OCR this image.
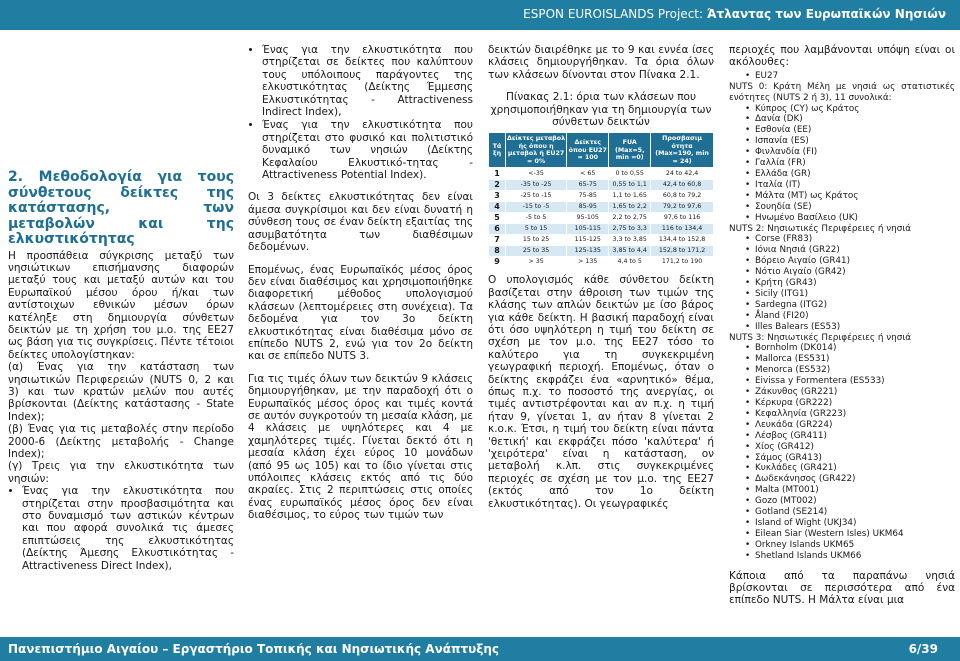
ESPON EUROISLANDS Project: Άτλαντας των Ευρωπαϊκών Νησιών
2. Μεθοδολογία για τους σύνθετους δείκτες της κατάστασης, των μεταβολών και της ελκυστικότητας

Η προσπάθεια σύγκρισης μεταξύ των νησιώτικων επισήμανσης διαφορών μεταξύ τους και μεταξύ αυτών και του Ευρωπαϊκού μέσου όρου ή/και των αντίστοιχων εθνικών μέσων όρων κατέληξε στη δημιουργία σύνθετων δεικτών με τη χρήση του μ.ο. της ΕΕ27 ως βάση για τις συγκρίσεις. Πέντε τέτοιοι δείκτες υπολογίστηκαν:

(α) Ένας για την κατάσταση των νησιωτικών Περιφερειών (NUTS 0, 2 και 3) και των κρατών μελών που αυτές βρίσκονται (Δείκτης κατάστασης - State Index);

(β) Ένας για τις μεταβολές στην περίοδο 2000-6 (Δείκτης μεταβολής - Change Index);

(γ) Τρεις για την ελκυστικότητα των νησιών:

• Ένας για την ελκυστικότητα που στηρίζεται στην προσβασιμότητα και στο δυναμισμό των αστικών κέντρων και που αφορά συνολικά τις άμεσες επιπτώσεις της ελκυστικότητας (Δείκτης Άμεσης Ελκυστικότητας - Attractiveness Direct Index),
• Ένας για την ελκυστικότητα που στηρίζεται σε δείκτες που καλύπτουν τους υπόλοιπους παράγοντες της ελκυστικότητας (Δείκτης Έμμεσης Ελκυστικότητας - Attractiveness Indirect Index),
• Ένας για την ελκυστικότητα που στηρίζεται στο φυσικό και πολιτιστικό δυναμικό των νησιών (Δείκτης Κεφαλαίου Ελκυστικό-τητας - Attractiveness Potential Index).

Οι 3 δείκτες ελκυστικότητας δεν είναι άμεσα συγκρίσιμοι και δεν είναι δυνατή η σύνθεση τους σε έναν δείκτη εξαιτίας της ασυμβατότητα των διαθέσιμων δεδομένων.

Επομένως, ένας Ευρωπαϊκός μέσος όρος δεν είναι διαθέσιμος και χρησιμοποιήθηκε διαφορετική μέθοδος υπολογισμού κλάσεων (λεπτομέρειες στη συνέχεια). Τα δεδομένα για τον 3ο δείκτη ελκυστικότητας είναι διαθέσιμα μόνο σε επίπεδο NUTS 2, ενώ για τον 2ο δείκτη και σε επίπεδο NUTS 3.

Για τις τιμές όλων των δεικτών 9 κλάσεις δημιουργήθηκαν, με την παραδοχή ότι ο Ευρωπαϊκός μέσος όρος και τιμές κοντά σε αυτόν συγκροτούν τη μεσαία κλάση, με 4 κλάσεις με υψηλότερες και 4 με χαμηλότερες τιμές. Γίνεται δεκτό ότι η μεσαία κλάση έχει εύρος 10 μονάδων (από 95 ως 105) και το ίδιο γίνεται στις υπόλοιπες κλάσεις εκτός από τις δύο ακραίες. Στις 2 περιπτώσεις στις οποίες ένας ευρωπαϊκός μέσος όρος δεν είναι διαθέσιμος, το εύρος των τιμών των

δεικτών διαιρέθηκε με το 9 και εννέα ίσες κλάσεις δημιουργήθηκαν. Τα όρια όλων των κλάσεων δίνονται στον Πίνακα 2.1.

Πίνακας 2.1: όρια των κλάσεων που χρησιμοποιήθηκαν για τη δημιουργία των σύνθετων δεικτών

Τά ξη	Δείκτες μεταβολ ής όπου η μεταβολ ή EU27 = 0%	Δείκτες όπου EU27 = 100	FUA (Max=5, min =0)	Προσβασιμ ότητα (Max=190, min = 24)
1	<-35	< 65	0 to 0,55	24 to 42,4
2	-35 to -25	65-75	0,55 to 1,1	42,4 to 60,8
3	-25 to -15	75-85	1,1 to 1,65	60,8 to 79,2
4	-15 to -5	85-95	1,65 to 2,2	79,2 to 97,6
5	-5 to 5	95-105	2,2 to 2,75	97,6 to 116
6	5 to 15	105-115	2,75 to 3,3	116 to 134,4
7	15 to 25	115-125	3,3 to 3,85	134,4 to 152,8
8	25 to 35	125-135	3,85 to 4,4	152,8 to 171,2
9	> 35	> 135	4,4 to 5	171,2 to 190

Ο υπολογισμός κάθε σύνθετου δείκτη βασίζεται στην άθροιση των τιμών της κλάσης των απλών δεικτών με ίσο βάρος για κάθε δείκτη. Η βασική παραδοχή είναι ότι όσο υψηλότερη η τιμή του δείκτη σε σχέση με τον μ.ο. της ΕΕ27 τόσο το καλύτερο για τη συγκεκριμένη γεωγραφική περιοχή. Επομένως, όταν ο δείκτης εκφράζει ένα «αρνητικό» θέμα, όπως π.χ. το ποσοστό της ανεργίας, οι τιμές αντιστρέφονται και αν π.χ. η τιμή ήταν 9, γίνεται 1, αν ήταν 8 γίνεται 2 κ.ο.κ. Έτσι, η τιμή του δείκτη είναι πάντα 'θετική' και εκφράζει πόσο 'καλύτερα' ή 'χειρότερα' είναι η κατάσταση, ον μεταβολή κ.λπ. στις συγκεκριμένες περιοχές σε σχέση με τον μ.ο. της ΕΕ27 (εκτός από τον 1ο δείκτη ελκυστικότητας). Οι γεωγραφικές

περιοχές που λαμβάνονται υπόψη είναι οι ακόλουθες:

• EU27
NUTS 0: Κράτη Μέλη με νησιά ως στατιστικές ενότητες (NUTS 2 ή 3), 11 συνολικά:
• Κύπρος (CY) ως Κράτος
• Δανία (DK)
• Εσθονία (EE)
• Ισπανία (ES)
• Φινλανδία (FI)
• Γαλλία (FR)
• Ελλάδα (GR)
• Ιταλία (IT)
• Μάλτα (MT) ως Κράτος
• Σουηδία (SE)
• Ηνωμένο Βασίλειο (UK)
NUTS 2: Νησιωτικές Περιφέρειες ή νησιά
• Corse (FR83)
• Ιόνια Νησιά (GR22)
• Βόρειο Αιγαίο (GR41)
• Νότιο Αιγαίο (GR42)
• Κρήτη (GR43)
• Sicily (ITG1)
• Sardegna (ITG2)
• Åland (FI20)
• Illes Balears (ES53)
NUTS 3: Νησιωτικές Περιφέρειες ή νησιά
• Bornholm (DK014)
• Mallorca (ES531)
• Menorca (ES532)
• Eivissa y Formentera (ES533)
• Ζάκυνθος (GR221)
• Κέρκυρα (GR222)
• Κεφαλληνία (GR223)
• Λευκάδα (GR224)
• Λέσβος (GR411)
• Χίος (GR412)
• Σάμος (GR413)
• Κυκλάδες (GR421)
• Δωδεκάνησος (GR422)
• Malta (MT001)
• Gozo (MT002)
• Gotland (SE214)
• Island of Wight (UKJ34)
• Eilean Siar (Western Isles) UKM64
• Orkney Islands UKM65
• Shetland Islands UKM66

Κάποια από τα παραπάνω νησιά βρίσκονται σε περισσότερα από ένα επίπεδο NUTS. Η Μάλτα είναι μια

Πανεπιστήμιο Αιγαίου – Εργαστήριο Τοπικής και Νησιωτικής Ανάπτυξης	6/39
